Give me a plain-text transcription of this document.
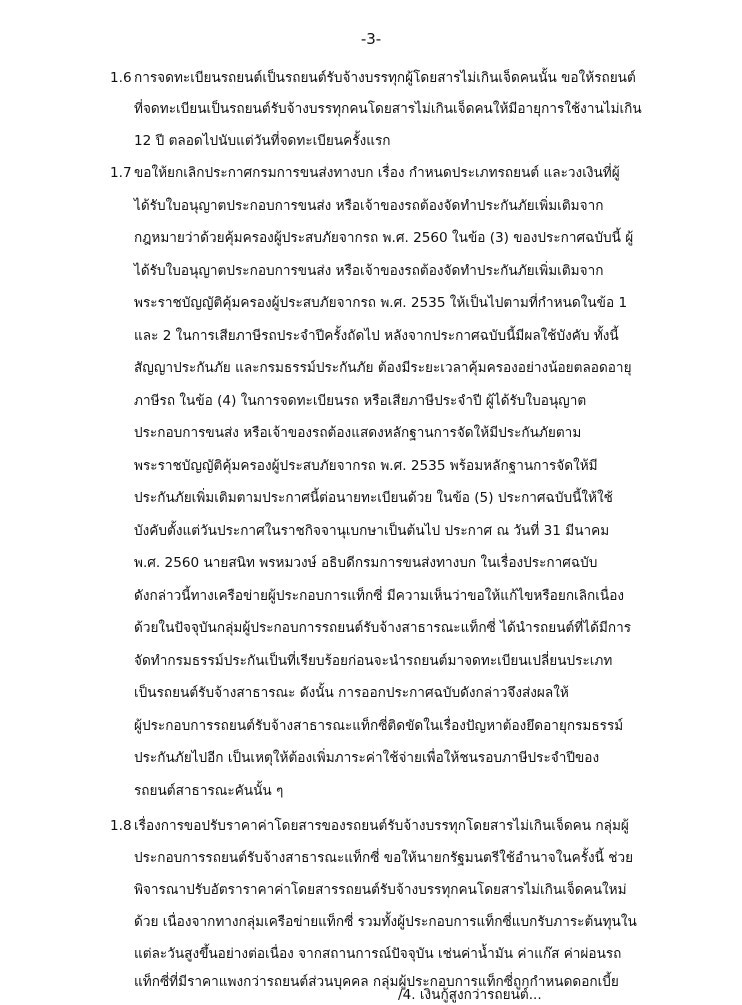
-3-
1.6 การจดทะเบียนรถยนต์เป็นรถยนต์รับจ้างบรรทุกผู้โดยสารไม่เกินเจ็ดคนนั้น ขอให้รถยนต์
ที่จดทะเบียนเป็นรถยนต์รับจ้างบรรทุกคนโดยสารไม่เกินเจ็ดคนให้มีอายุการใช้งานไม่เกิน
12 ปี ตลอดไปนับแต่วันที่จดทะเบียนครั้งแรก
1.7 ขอให้ยกเลิกประกาศกรมการขนส่งทางบก เรื่อง กำหนดประเภทรถยนต์ และวงเงินที่ผู้
ได้รับใบอนุญาตประกอบการขนส่ง หรือเจ้าของรถต้องจัดทำประกันภัยเพิ่มเติมจาก
กฎหมายว่าด้วยคุ้มครองผู้ประสบภัยจากรถ พ.ศ. 2560 ในข้อ (3) ของประกาศฉบับนี้ ผู้
ได้รับใบอนุญาตประกอบการขนส่ง หรือเจ้าของรถต้องจัดทำประกันภัยเพิ่มเติมจาก
พระราชบัญญัติคุ้มครองผู้ประสบภัยจากรถ พ.ศ. 2535 ให้เป็นไปตามที่กำหนดในข้อ 1
และ 2 ในการเสียภาษีรถประจำปีครั้งถัดไป หลังจากประกาศฉบับนี้มีผลใช้บังคับ ทั้งนี้
สัญญาประกันภัย และกรมธรรม์ประกันภัย ต้องมีระยะเวลาคุ้มครองอย่างน้อยตลอดอายุ
ภาษีรถ ในข้อ (4) ในการจดทะเบียนรถ หรือเสียภาษีประจำปี ผู้ได้รับใบอนุญาต
ประกอบการขนส่ง หรือเจ้าของรถต้องแสดงหลักฐานการจัดให้มีประกันภัยตาม
พระราชบัญญัติคุ้มครองผู้ประสบภัยจากรถ พ.ศ. 2535 พร้อมหลักฐานการจัดให้มี
ประกันภัยเพิ่มเติมตามประกาศนี้ต่อนายทะเบียนด้วย ในข้อ (5) ประกาศฉบับนี้ให้ใช้
บังคับตั้งแต่วันประกาศในราชกิจจานุเบกษาเป็นต้นไป ประกาศ ณ วันที่ 31 มีนาคม
พ.ศ. 2560 นายสนิท พรหมวงษ์ อธิบดีกรมการขนส่งทางบก ในเรื่องประกาศฉบับ
ดังกล่าวนี้ทางเครือข่ายผู้ประกอบการแท็กซี่ มีความเห็นว่าขอให้แก้ไขหรือยกเลิกเนื่อง
ด้วยในปัจจุบันกลุ่มผู้ประกอบการรถยนต์รับจ้างสาธารณะแท็กซี่ ได้นำรถยนต์ที่ได้มีการ
จัดทำกรมธรรม์ประกันเป็นที่เรียบร้อยก่อนจะนำรถยนต์มาจดทะเบียนเปลี่ยนประเภท
เป็นรถยนต์รับจ้างสาธารณะ ดังนั้น การออกประกาศฉบับดังกล่าวจึงส่งผลให้
ผู้ประกอบการรถยนต์รับจ้างสาธารณะแท็กซี่ติดขัดในเรื่องปัญหาต้องยึดอายุกรมธรรม์
ประกันภัยไปอีก เป็นเหตุให้ต้องเพิ่มภาระค่าใช้จ่ายเพื่อให้ชนรอบภาษีประจำปีของ
รถยนต์สาธารณะคันนั้น ๆ
1.8 เรื่องการขอปรับราคาค่าโดยสารของรถยนต์รับจ้างบรรทุกโดยสารไม่เกินเจ็ดคน กลุ่มผู้
ประกอบการรถยนต์รับจ้างสาธารณะแท็กซี่ ขอให้นายกรัฐมนตรีใช้อำนาจในครั้งนี้ ช่วย
พิจารณาปรับอัตราราคาค่าโดยสารรถยนต์รับจ้างบรรทุกคนโดยสารไม่เกินเจ็ดคนใหม่
ด้วย เนื่องจากทางกลุ่มเครือข่ายแท็กซี่ รวมทั้งผู้ประกอบการแท็กซี่แบกรับภาระต้นทุนใน
แต่ละวันสูงขึ้นอย่างต่อเนื่อง จากสถานการณ์ปัจจุบัน เช่นค่าน้ำมัน ค่าแก๊ส ค่าผ่อนรถ
แท็กซี่ที่มีราคาแพงกว่ารถยนต์ส่วนบุคคล กลุ่มผู้ประกอบการแท็กซี่ถูกกำหนดดอกเบี้ย
/4. เงินกู้สูงกว่ารถยนต์...
